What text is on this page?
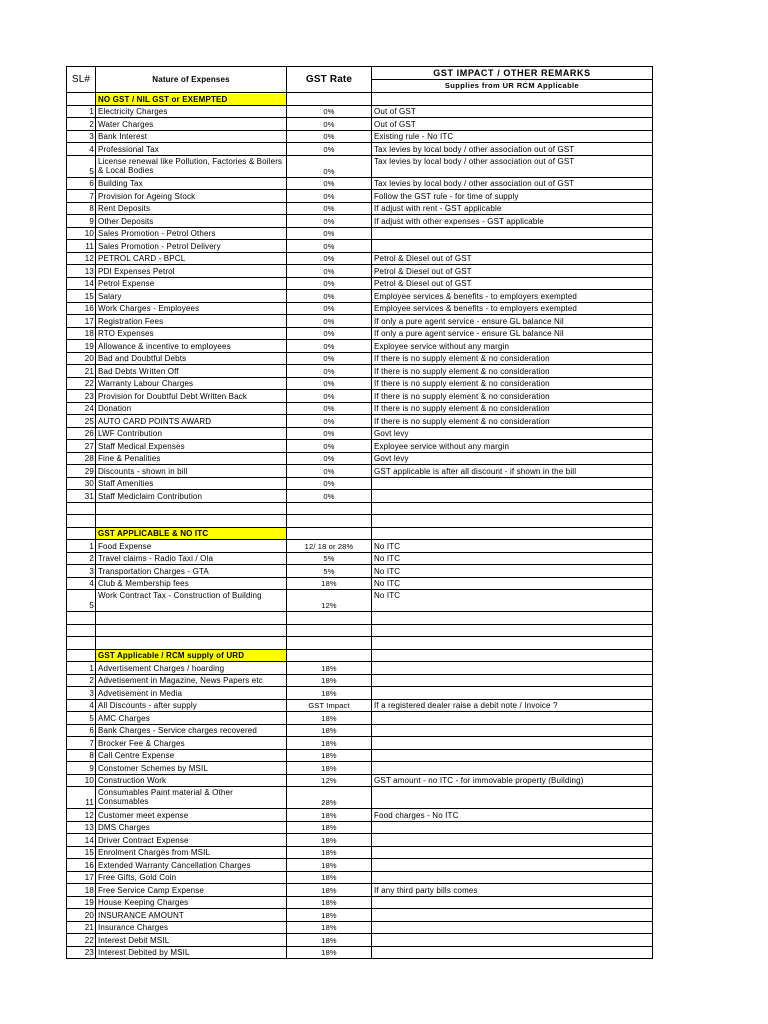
SL#	Nature of Expenses	GST Rate	GST IMPACT / OTHER REMARKS
Supplies from UR RCM Applicable

	NO GST / NIL GST or EXEMPTED		

1	Electricity Charges	0%	Out of GST
2	Water Charges	0%	Out of GST
3	Bank Interest	0%	Existing rule - No ITC
4	Professional Tax	0%	Tax levies by local body / other association out of GST
5	License renewal like Pollution, Factories & Boilers & Local Bodies	0%	Tax levies by local body / other association out of GST
6	Building Tax	0%	Tax levies by local body / other association out of GST
7	Provision for Ageing Stock	0%	Follow the GST rule - for time of supply
8	Rent Deposits	0%	If adjust with rent - GST applicable
9	Other Deposits	0%	If adjust with other expenses - GST applicable
10	Sales Promotion - Petrol Others	0%	
11	Sales Promotion - Petrol Delivery	0%	
12	PETROL CARD - BPCL	0%	Petrol & Diesel out of GST
13	PDI Expenses Petrol	0%	Petrol & Diesel out of GST
14	Petrol Expense	0%	Petrol & Diesel out of GST
15	Salary	0%	Employee services & benefits - to employers exempted
16	Work Charges - Employees	0%	Employee services & benefits - to employers exempted
17	Registration Fees	0%	If only a pure agent service - ensure GL balance Nil
18	RTO Expenses	0%	If only a pure agent service - ensure GL balance Nil
19	Allowance & incentive to employees	0%	Exployee service without any margin
20	Bad and Doubtful Debts	0%	If there is no supply element & no consideration
21	Bad Debts Written Off	0%	If there is no supply element & no consideration
22	Warranty Labour Charges	0%	If there is no supply element & no consideration
23	Provision for Doubtful Debt Written Back	0%	If there is no supply element & no consideration
24	Donation	0%	If there is no supply element & no consideration
25	AUTO CARD POINTS AWARD	0%	If there is no supply element & no consideration
26	LWF Contribution	0%	Govt levy
27	Staff Medical Expenses	0%	Exployee service without any margin
28	Fine & Penalities	0%	Govt levy
29	Discounts - shown in bill	0%	GST applicable is after all discount - if shown in the bill
30	Staff Amenities	0%	
31	Staff Mediclaim Contribution	0%	

	GST APPLICABLE & NO ITC		

1	Food Expense	12/ 18 or 28%	No ITC
2	Travel claims - Radio Taxi / Ola	5%	No ITC
3	Transportation Charges - GTA	5%	No ITC
4	Club & Membership fees	18%	No ITC
5	Work Contract Tax - Construction of Building	12%	No ITC

	GST Applicable / RCM supply of URD		

1	Advertisement Charges / hoarding	18%	
2	Advetisement in Magazine, News Papers etc	18%	
3	Advetisement in Media	18%	
4	All Discounts - after supply	GST Impact	If a registered dealer raise a debit note / Invoice ?
5	AMC Charges	18%	
6	Bank Charges - Service charges recovered	18%	
7	Brocker Fee & Charges	18%	
8	Call Centre Expense	18%	
9	Constomer Schemes by MSIL	18%	
10	Construction Work	12%	GST amount - no ITC - for immovable property (Building)
11	Consumables Paint material & Other Consumables	28%	
12	Customer meet expense	18%	Food charges - No ITC
13	DMS Charges	18%	
14	Driver Contract Expense	18%	
15	Enrolment Charges from MSIL	18%	
16	Extended Warranty Cancellation Charges	18%	
17	Free Gifts, Gold Coin	18%	
18	Free Service Camp Expense	18%	If any third party bills comes
19	House Keeping Charges	18%	
20	INSURANCE AMOUNT	18%	
21	Insurance Charges	18%	
22	Interest Debit MSIL	18%	
23	Interest Debited by MSIL	18%	
